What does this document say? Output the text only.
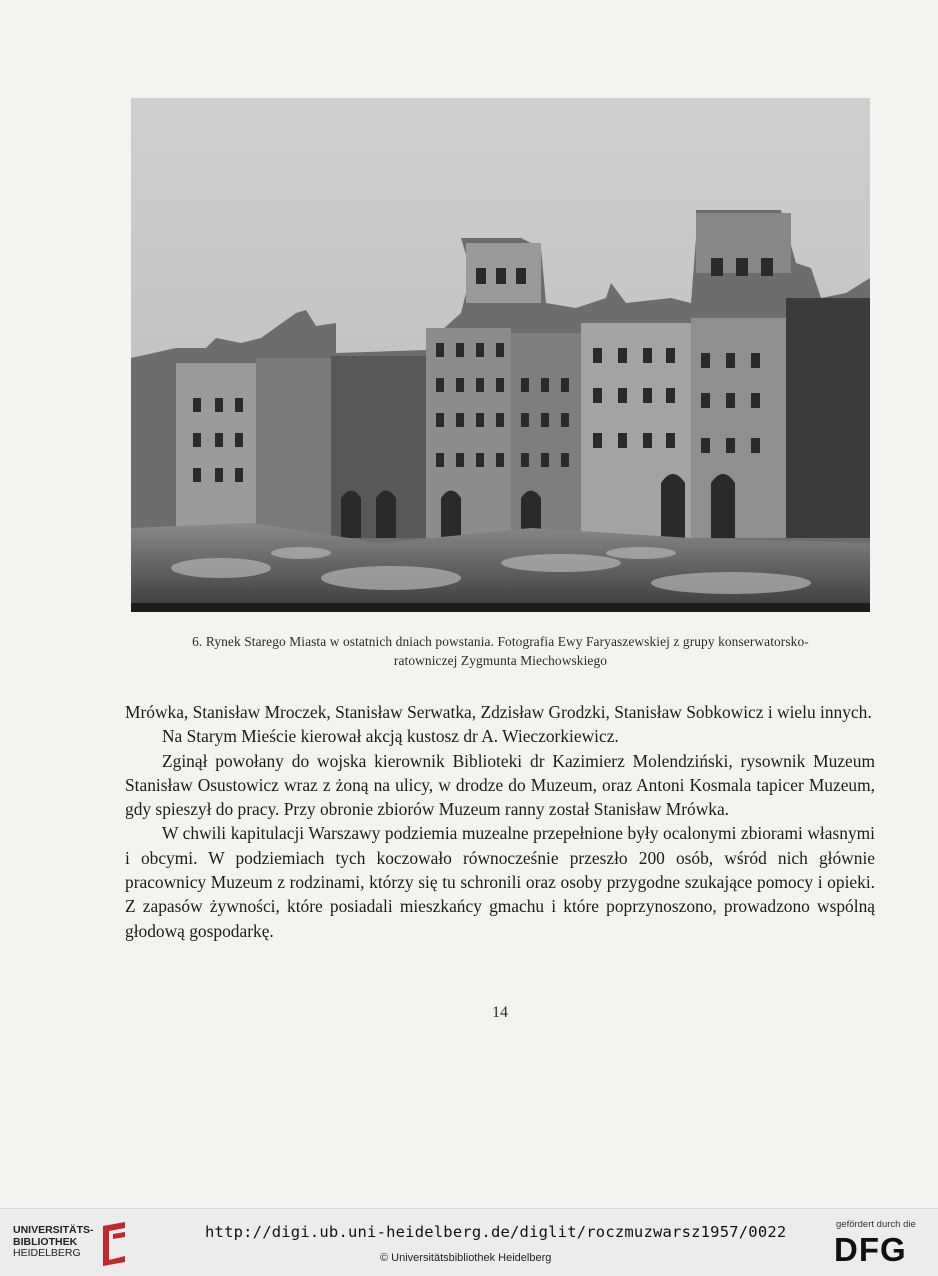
6. Rynek Starego Miasta w ostatnich dniach powstania. Fotografia Ewy Faryaszewskiej z grupy konserwatorsko-
ratowniczej Zygmunta Miechowskiego

Mrówka, Stanisław Mroczek, Stanisław Serwatka, Zdzisław Grodzki, Stanisław Sobkowicz i wielu innych.

Na Starym Mieście kierował akcją kustosz dr A. Wieczorkiewicz.

Zginął powołany do wojska kierownik Biblioteki dr Kazimierz Molendziński, rysownik Muzeum Stanisław Osustowicz wraz z żoną na ulicy, w drodze do Muzeum, oraz Antoni Kosmala tapicer Muzeum, gdy spieszył do pracy. Przy obronie zbiorów Muzeum ranny został Stanisław Mrówka.

W chwili kapitulacji Warszawy podziemia muzealne przepełnione były ocalonymi zbiorami własnymi i obcymi. W podziemiach tych koczowało równocześnie przeszło 200 osób, wśród nich głównie pracownicy Muzeum z rodzinami, którzy się tu schronili oraz osoby przygodne szukające pomocy i opieki. Z zapasów żywności, które posiadali mieszkańcy gmachu i które poprzynoszono, prowadzono wspólną głodową gospodarkę.

14
UNIVERSITÄTS-
BIBLIOTHEK
HEIDELBERG
http://digi.ub.uni-heidelberg.de/diglit/roczmuzwarsz1957/0022
© Universitätsbibliothek Heidelberg
gefördert durch die
DFG
